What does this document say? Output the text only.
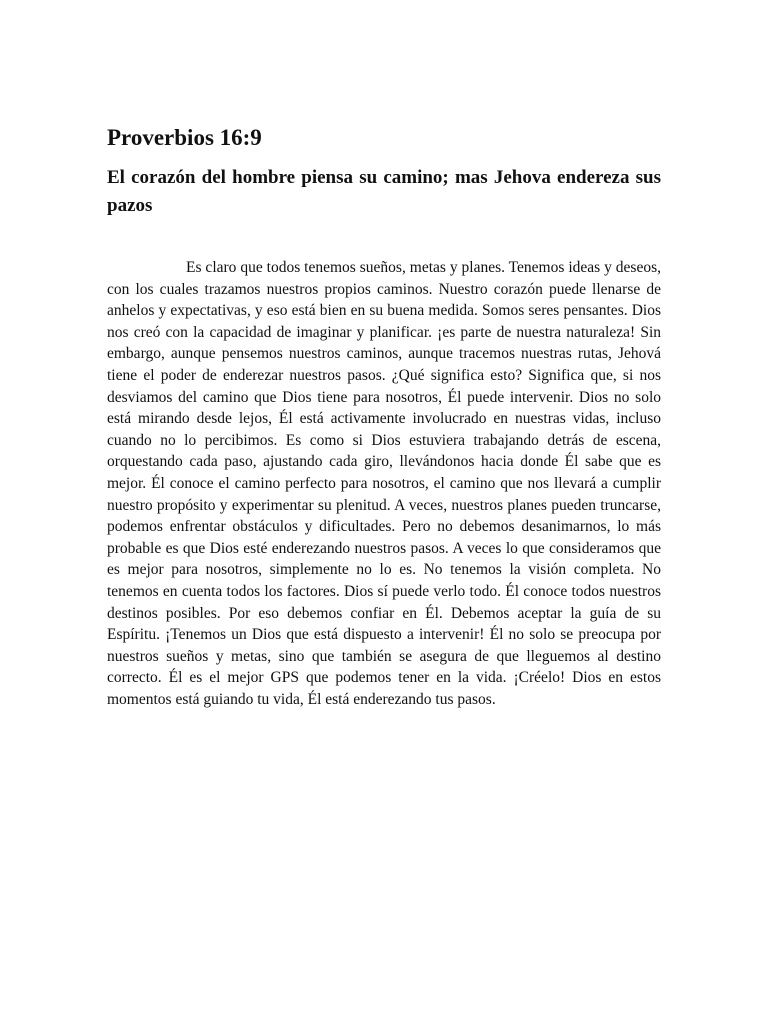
Proverbios 16:9
El corazón del hombre piensa su camino; mas Jehova endereza sus pazos

Es claro que todos tenemos sueños, metas y planes. Tenemos ideas y deseos, con los cuales trazamos nuestros propios caminos. Nuestro corazón puede llenarse de anhelos y expectativas, y eso está bien en su buena medida. Somos seres pensantes. Dios nos creó con la capacidad de imaginar y planificar. ¡es parte de nuestra naturaleza! Sin embargo, aunque pensemos nuestros caminos, aunque tracemos nuestras rutas, Jehová tiene el poder de enderezar nuestros pasos. ¿Qué significa esto? Significa que, si nos desviamos del camino que Dios tiene para nosotros, Él puede intervenir. Dios no solo está mirando desde lejos, Él está activamente involucrado en nuestras vidas, incluso cuando no lo percibimos. Es como si Dios estuviera trabajando detrás de escena, orquestando cada paso, ajustando cada giro, llevándonos hacia donde Él sabe que es mejor. Él conoce el camino perfecto para nosotros, el camino que nos llevará a cumplir nuestro propósito y experimentar su plenitud. A veces, nuestros planes pueden truncarse, podemos enfrentar obstáculos y dificultades. Pero no debemos desanimarnos, lo más probable es que Dios esté enderezando nuestros pasos. A veces lo que consideramos que es mejor para nosotros, simplemente no lo es. No tenemos la visión completa. No tenemos en cuenta todos los factores. Dios sí puede verlo todo. Él conoce todos nuestros destinos posibles. Por eso debemos confiar en Él. Debemos aceptar la guía de su Espíritu. ¡Tenemos un Dios que está dispuesto a intervenir! Él no solo se preocupa por nuestros sueños y metas, sino que también se asegura de que lleguemos al destino correcto. Él es el mejor GPS que podemos tener en la vida. ¡Créelo! Dios en estos momentos está guiando tu vida, Él está enderezando tus pasos.
